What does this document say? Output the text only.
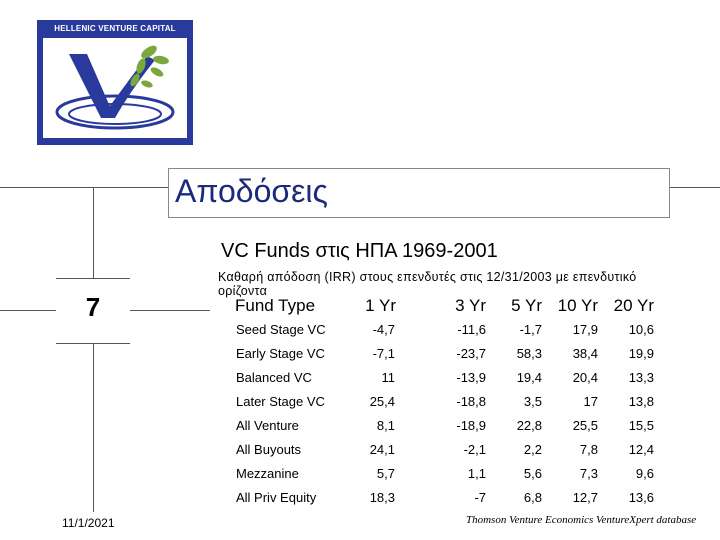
HELLENIC VENTURE CAPITAL
ASSOCIATION
Αποδόσεις
7
VC Funds στις ΗΠΑ 1969-2001
Καθαρή απόδοση (IRR) στους επενδυτές στις 12/31/2003 με επενδυτικό ορίζοντα
Fund Type	1 Yr	3 Yr	5 Yr 10 Yr 20 Yr
Seed Stage VC	-4,7	-11,6	-1,7	17,9	10,6
Early Stage VC	-7,1	-23,7	58,3	38,4	19,9
Balanced VC	11	-13,9	19,4	20,4	13,3
Later Stage VC	25,4	-18,8	3,5	17	13,8
All Venture	8,1	-18,9	22,8	25,5	15,5
All Buyouts	24,1	-2,1	2,2	7,8	12,4
Mezzanine	5,7	1,1	5,6	7,3	9,6
All Priv Equity	18,3	-7	6,8	12,7	13,6
11/1/2021	Thomson Venture Economics VentureXpert database
